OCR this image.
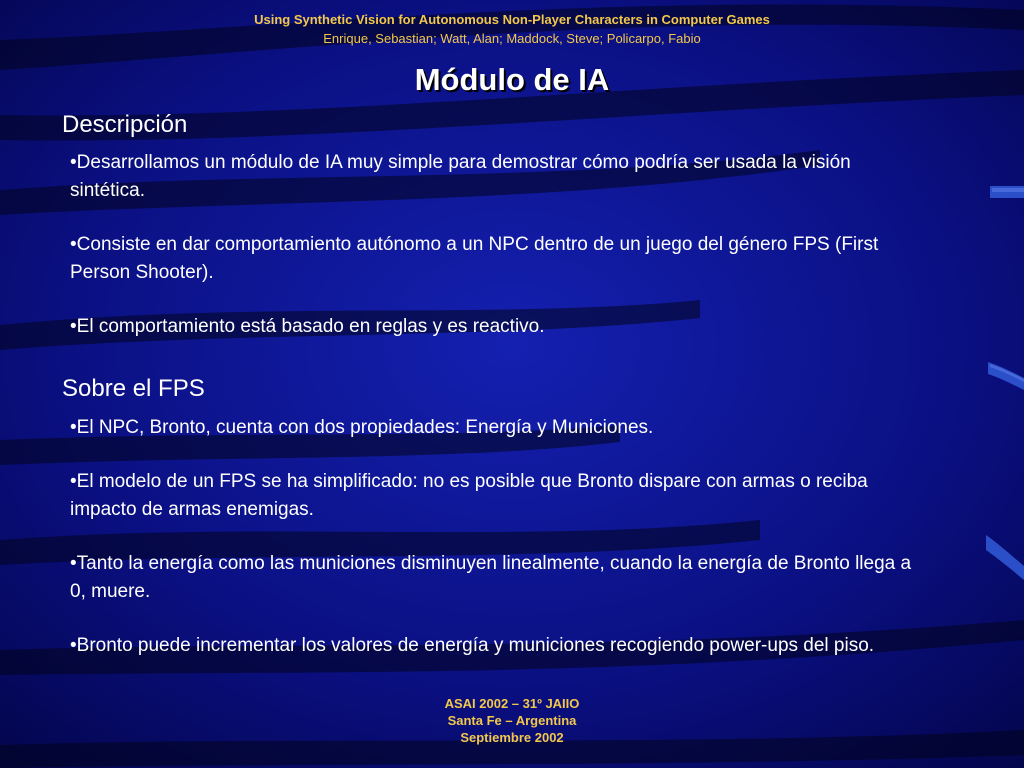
Using Synthetic Vision for Autonomous Non-Player Characters in Computer Games
Enrique, Sebastian; Watt, Alan; Maddock, Steve; Policarpo, Fabio
Módulo de IA
Descripción
•Desarrollamos un módulo de IA muy simple para demostrar cómo podría ser usada la visión sintética.
•Consiste en dar comportamiento autónomo a un NPC dentro de un juego del género FPS (First Person Shooter).
•El comportamiento está basado en reglas y es reactivo.
Sobre el FPS
•El NPC, Bronto, cuenta con dos propiedades: Energía y Municiones.
•El modelo de un FPS se ha simplificado: no es posible que Bronto dispare con armas o reciba impacto de armas enemigas.
•Tanto la energía como las municiones disminuyen linealmente, cuando la energía de Bronto llega a 0, muere.
•Bronto puede incrementar los valores de energía y municiones recogiendo power-ups del piso.
ASAI 2002 – 31º JAIIO
Santa Fe – Argentina
Septiembre 2002
